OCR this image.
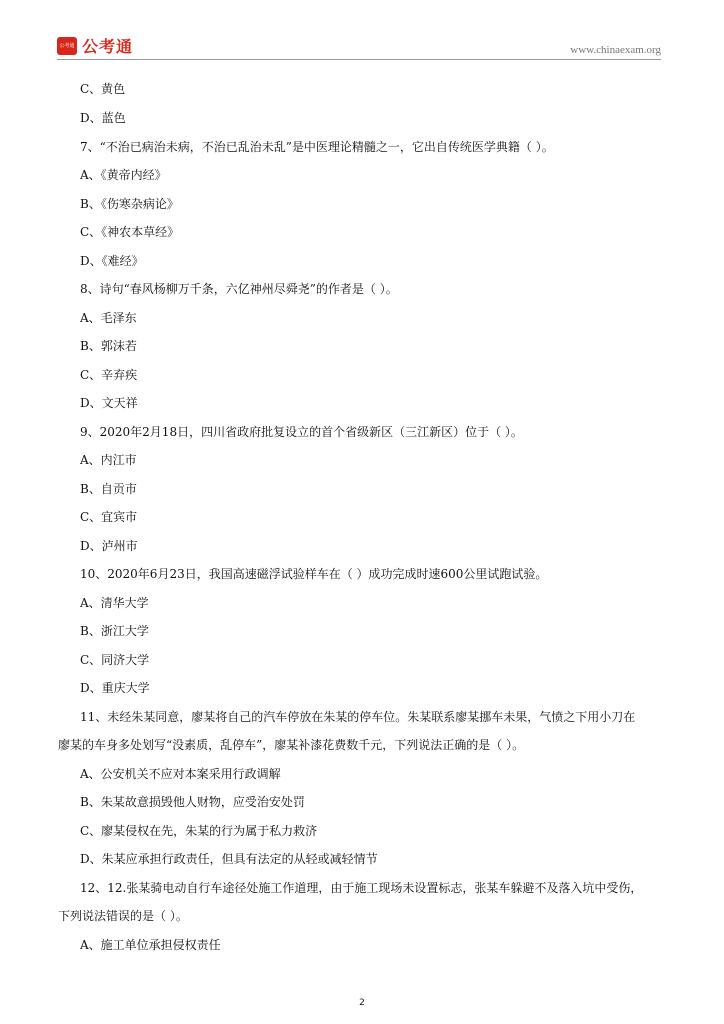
公考通 公考通	www.chinaexam.org
C、黄色
D、蓝色
7、“不治已病治未病，不治已乱治未乱”是中医理论精髓之一，它出自传统医学典籍（ ）。
A、《黄帝内经》
B、《伤寒杂病论》
C、《神农本草经》
D、《难经》
8、诗句“春风杨柳万千条，六亿神州尽舜尧”的作者是（ ）。
A、毛泽东
B、郭沫若
C、辛弃疾
D、文天祥
9、2020年2月18日，四川省政府批复设立的首个省级新区（三江新区）位于（ ）。
A、内江市
B、自贡市
C、宜宾市
D、泸州市
10、2020年6月23日，我国高速磁浮试验样车在（ ）成功完成时速600公里试跑试验。
A、清华大学
B、浙江大学
C、同济大学
D、重庆大学
11、未经朱某同意，廖某将自己的汽车停放在朱某的停车位。朱某联系廖某挪车未果，气愤之下用小刀在
廖某的车身多处划写“没素质，乱停车”，廖某补漆花费数千元，下列说法正确的是（ ）。
A、公安机关不应对本案采用行政调解
B、朱某故意损毁他人财物，应受治安处罚
C、廖某侵权在先，朱某的行为属于私力救济
D、朱某应承担行政责任，但具有法定的从轻或减轻情节
12、12.张某骑电动自行车途径处施工作道理，由于施工现场未设置标志，张某车躲避不及落入坑中受伤，
下列说法错误的是（ ）。
A、施工单位承担侵权责任
2
